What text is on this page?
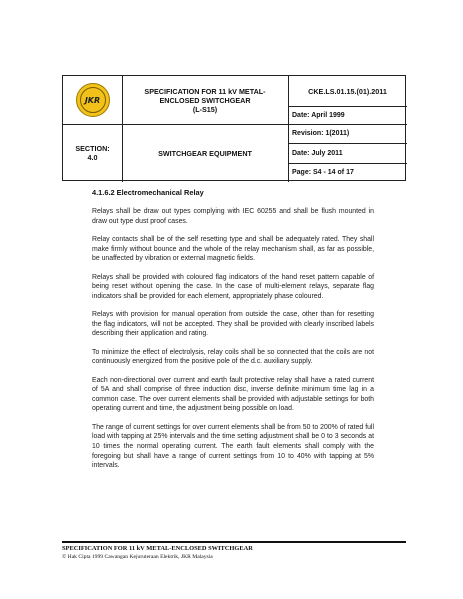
JKR
SPECIFICATION FOR 11 kV METAL-
ENCLOSED SWITCHGEAR
(L-S15)
CKE.LS.01.15.(01).2011
Date: April 1999
SECTION:
4.0	SWITCHGEAR EQUIPMENT
Revision: 1(2011)
Date: July 2011
Page: S4 - 14 of 17
4.1.6.2 Electromechanical Relay

Relays shall be draw out types complying with IEC 60255 and shall be flush mounted in draw out type dust proof cases.

Relay contacts shall be of the self resetting type and shall be adequately rated. They shall make firmly without bounce and the whole of the relay mechanism shall, as far as possible, be unaffected by vibration or external magnetic fields.

Relays shall be provided with coloured flag indicators of the hand reset pattern capable of being reset without opening the case. In the case of multi-element relays, separate flag indicators shall be provided for each element, appropriately phase coloured.

Relays with provision for manual operation from outside the case, other than for resetting the flag indicators, will not be accepted. They shall be provided with clearly inscribed labels describing their application and rating.

To minimize the effect of electrolysis, relay coils shall be so connected that the coils are not continuously energized from the positive pole of the d.c. auxiliary supply.

Each non-directional over current and earth fault protective relay shall have a rated current of 5A and shall comprise of three induction disc, inverse definite minimum time lag in a common case. The over current elements shall be provided with adjustable settings for both operating current and time, the adjustment being possible on load.

The range of current settings for over current elements shall be from 50 to 200% of rated full load with tapping at 25% intervals and the time setting adjustment shall be 0 to 3 seconds at 10 times the normal operating current. The earth fault elements shall comply with the foregoing but shall have a range of current settings from 10 to 40% with tapping at 5% intervals.

SPECIFICATION FOR 11 kV METAL-ENCLOSED SWITCHGEAR
© Hak Cipta 1999 Cawangan Kejuruteraan Elektrik, JKR Malaysia
